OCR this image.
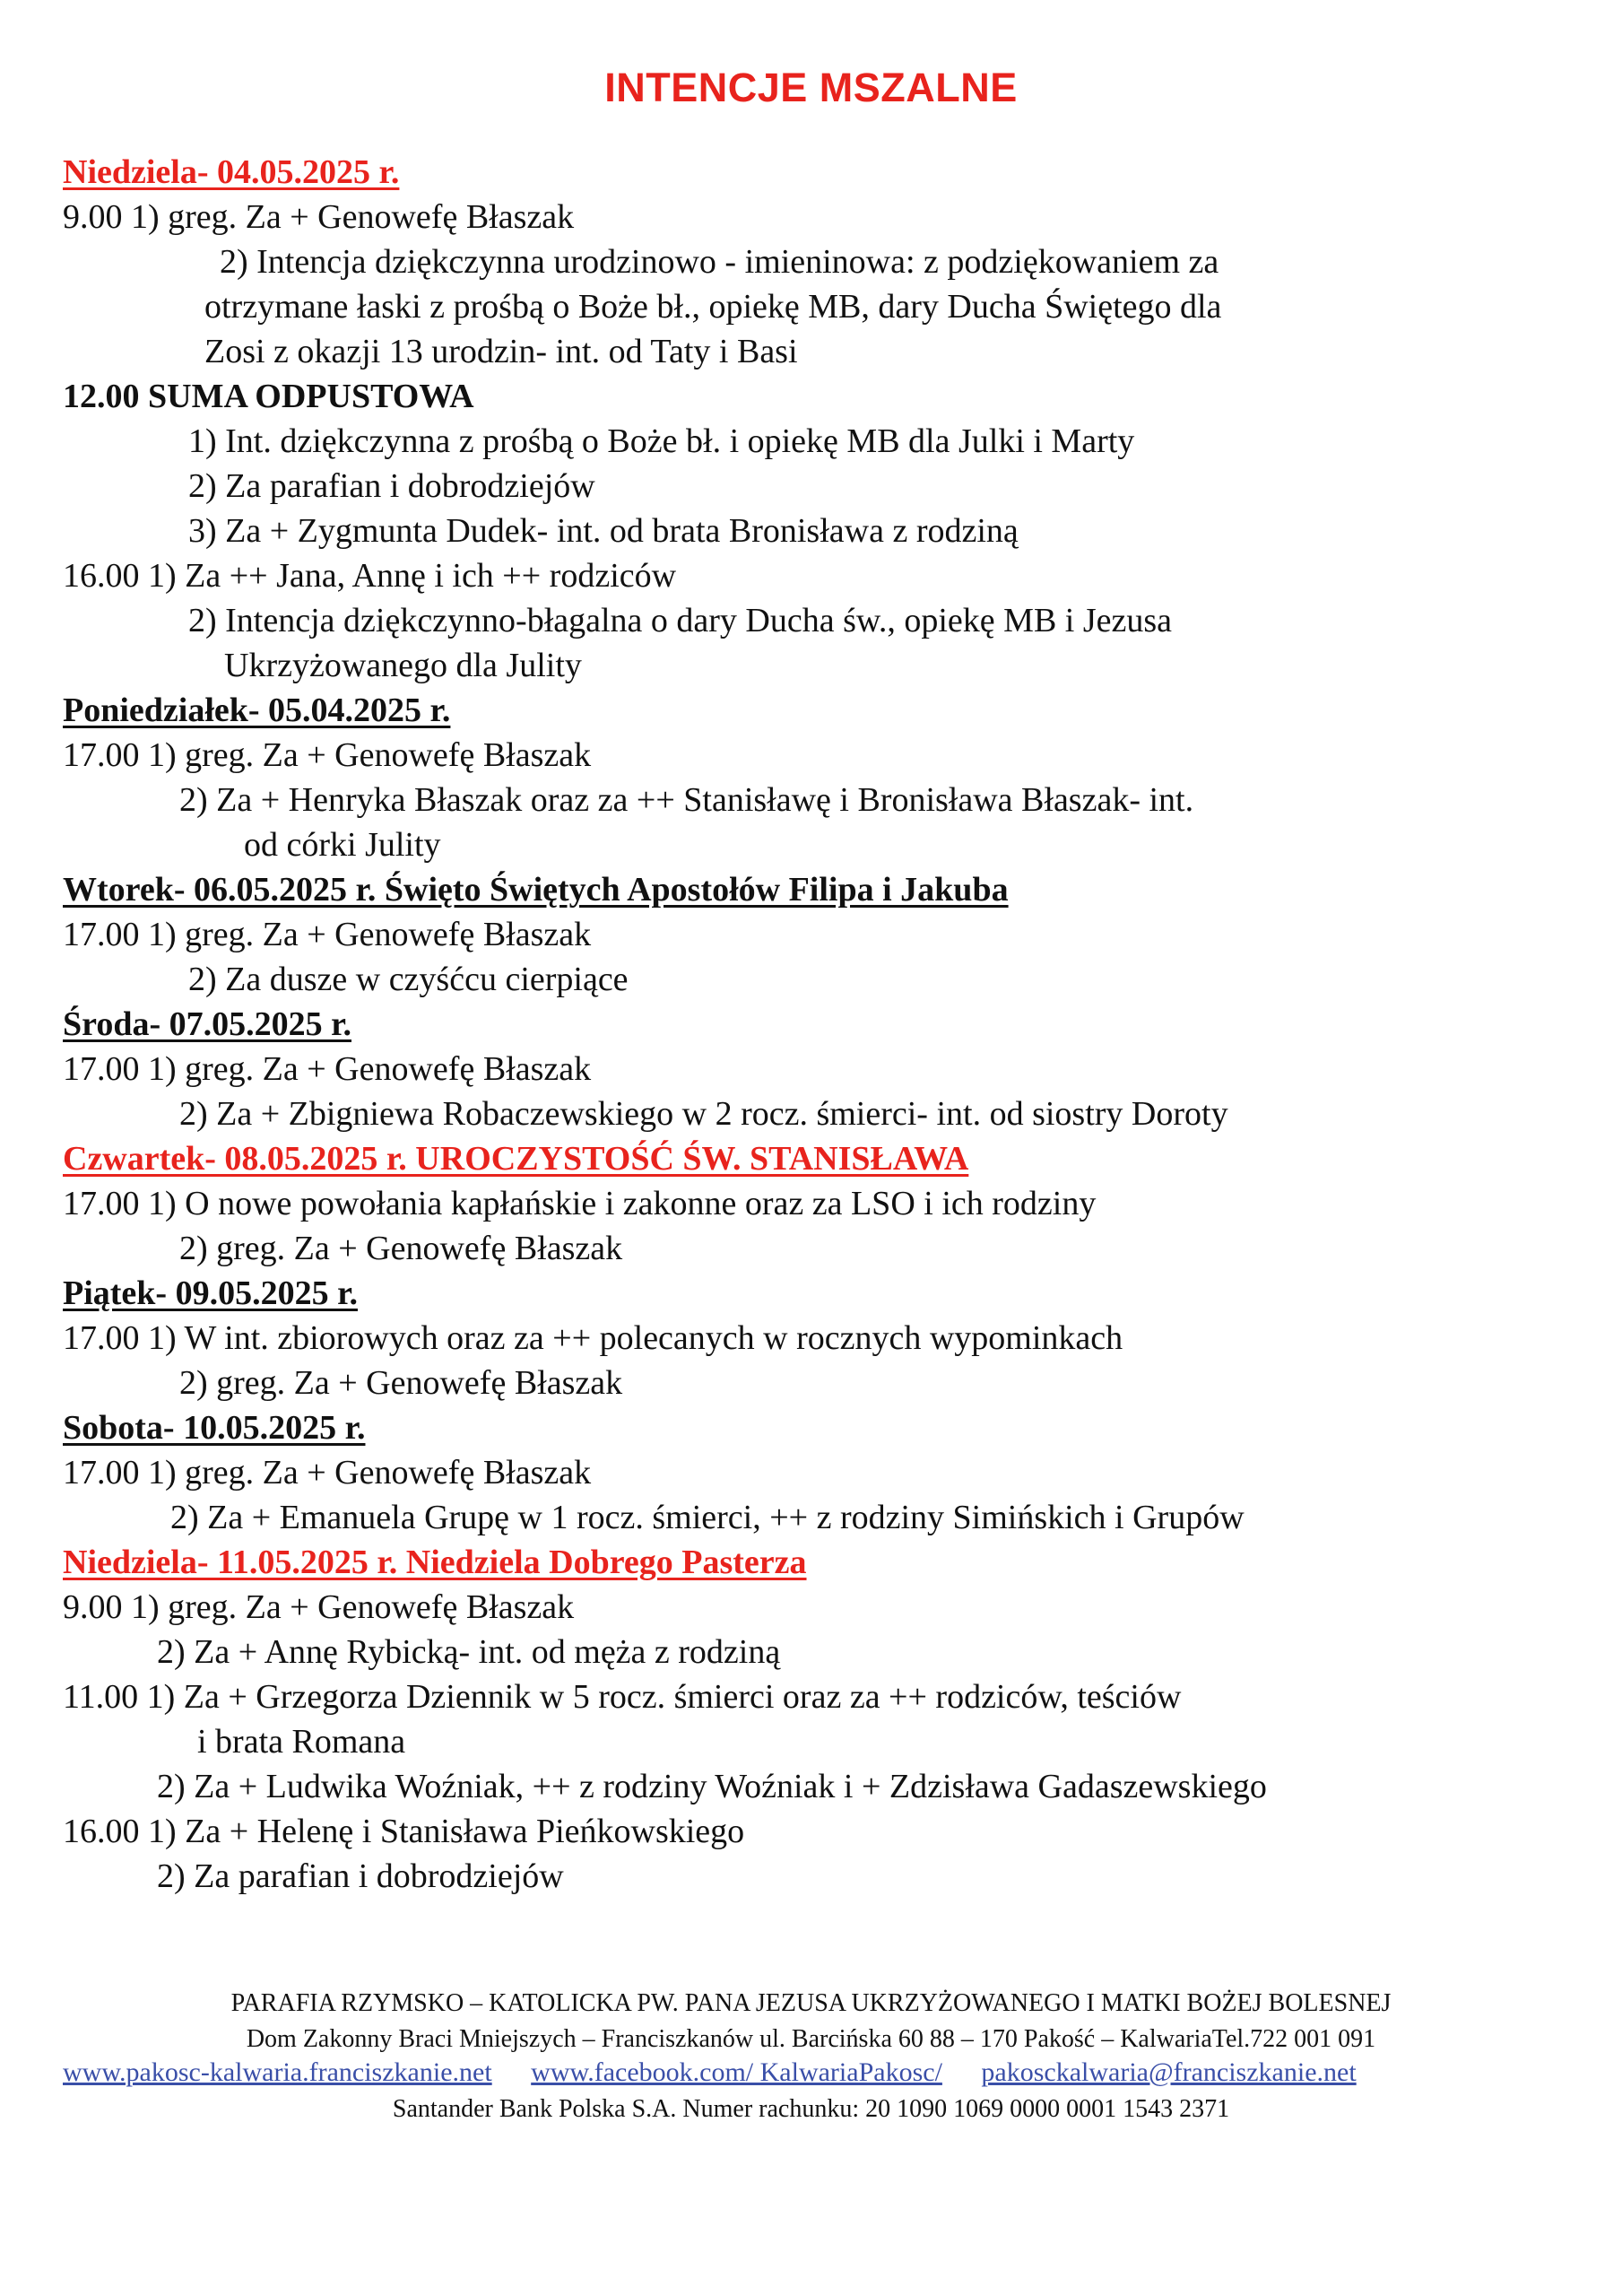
INTENCJE MSZALNE
Niedziela- 04.05.2025 r.
9.00 1) greg. Za + Genowefę Błaszak
2) Intencja dziękczynna urodzinowo - imieninowa: z podziękowaniem za
otrzymane łaski z prośbą o Boże bł., opiekę MB, dary Ducha Świętego dla
Zosi z okazji 13 urodzin- int. od Taty i Basi
12.00 SUMA ODPUSTOWA
1) Int. dziękczynna z prośbą o Boże bł. i opiekę MB dla Julki i Marty
2) Za parafian i dobrodziejów
3) Za + Zygmunta Dudek- int. od brata Bronisława z rodziną
16.00 1) Za ++ Jana, Annę i ich ++ rodziców
2) Intencja dziękczynno-błagalna o dary Ducha św., opiekę MB i Jezusa
Ukrzyżowanego dla Julity
Poniedziałek- 05.04.2025 r.
17.00 1) greg. Za + Genowefę Błaszak
2) Za + Henryka Błaszak oraz za ++ Stanisławę i Bronisława Błaszak- int.
od córki Julity
Wtorek- 06.05.2025 r. Święto Świętych Apostołów Filipa i Jakuba
17.00 1) greg. Za + Genowefę Błaszak
2) Za dusze w czyśćcu cierpiące
Środa- 07.05.2025 r.
17.00 1) greg. Za + Genowefę Błaszak
2) Za + Zbigniewa Robaczewskiego w 2 rocz. śmierci- int. od siostry Doroty
Czwartek- 08.05.2025 r. UROCZYSTOŚĆ ŚW. STANISŁAWA
17.00 1) O nowe powołania kapłańskie i zakonne oraz za LSO i ich rodziny
2) greg. Za + Genowefę Błaszak
Piątek- 09.05.2025 r.
17.00 1) W int. zbiorowych oraz za ++ polecanych w rocznych wypominkach
2) greg. Za + Genowefę Błaszak
Sobota- 10.05.2025 r.
17.00 1) greg. Za + Genowefę Błaszak
2) Za + Emanuela Grupę w 1 rocz. śmierci, ++ z rodziny Simińskich i Grupów
Niedziela- 11.05.2025 r. Niedziela Dobrego Pasterza
9.00 1) greg. Za + Genowefę Błaszak
2) Za + Annę Rybicką- int. od męża z rodziną
11.00 1) Za + Grzegorza Dziennik w 5 rocz. śmierci oraz za ++ rodziców, teściów
i brata Romana
2) Za + Ludwika Woźniak, ++ z rodziny Woźniak i + Zdzisława Gadaszewskiego
16.00 1) Za + Helenę i Stanisława Pieńkowskiego
2) Za parafian i dobrodziejów
PARAFIA RZYMSKO – KATOLICKA PW. PANA JEZUSA UKRZYŻOWANEGO I MATKI BOŻEJ BOLESNEJ
Dom Zakonny Braci Mniejszych – Franciszkanów ul. Barcińska 60 88 – 170 Pakość – KalwariaTel.722 001 091
www.pakosc-kalwaria.franciszkanie.net www.facebook.com/ KalwariaPakosc/ pakosckalwaria@franciszkanie.net
Santander Bank Polska S.A. Numer rachunku: 20 1090 1069 0000 0001 1543 2371
